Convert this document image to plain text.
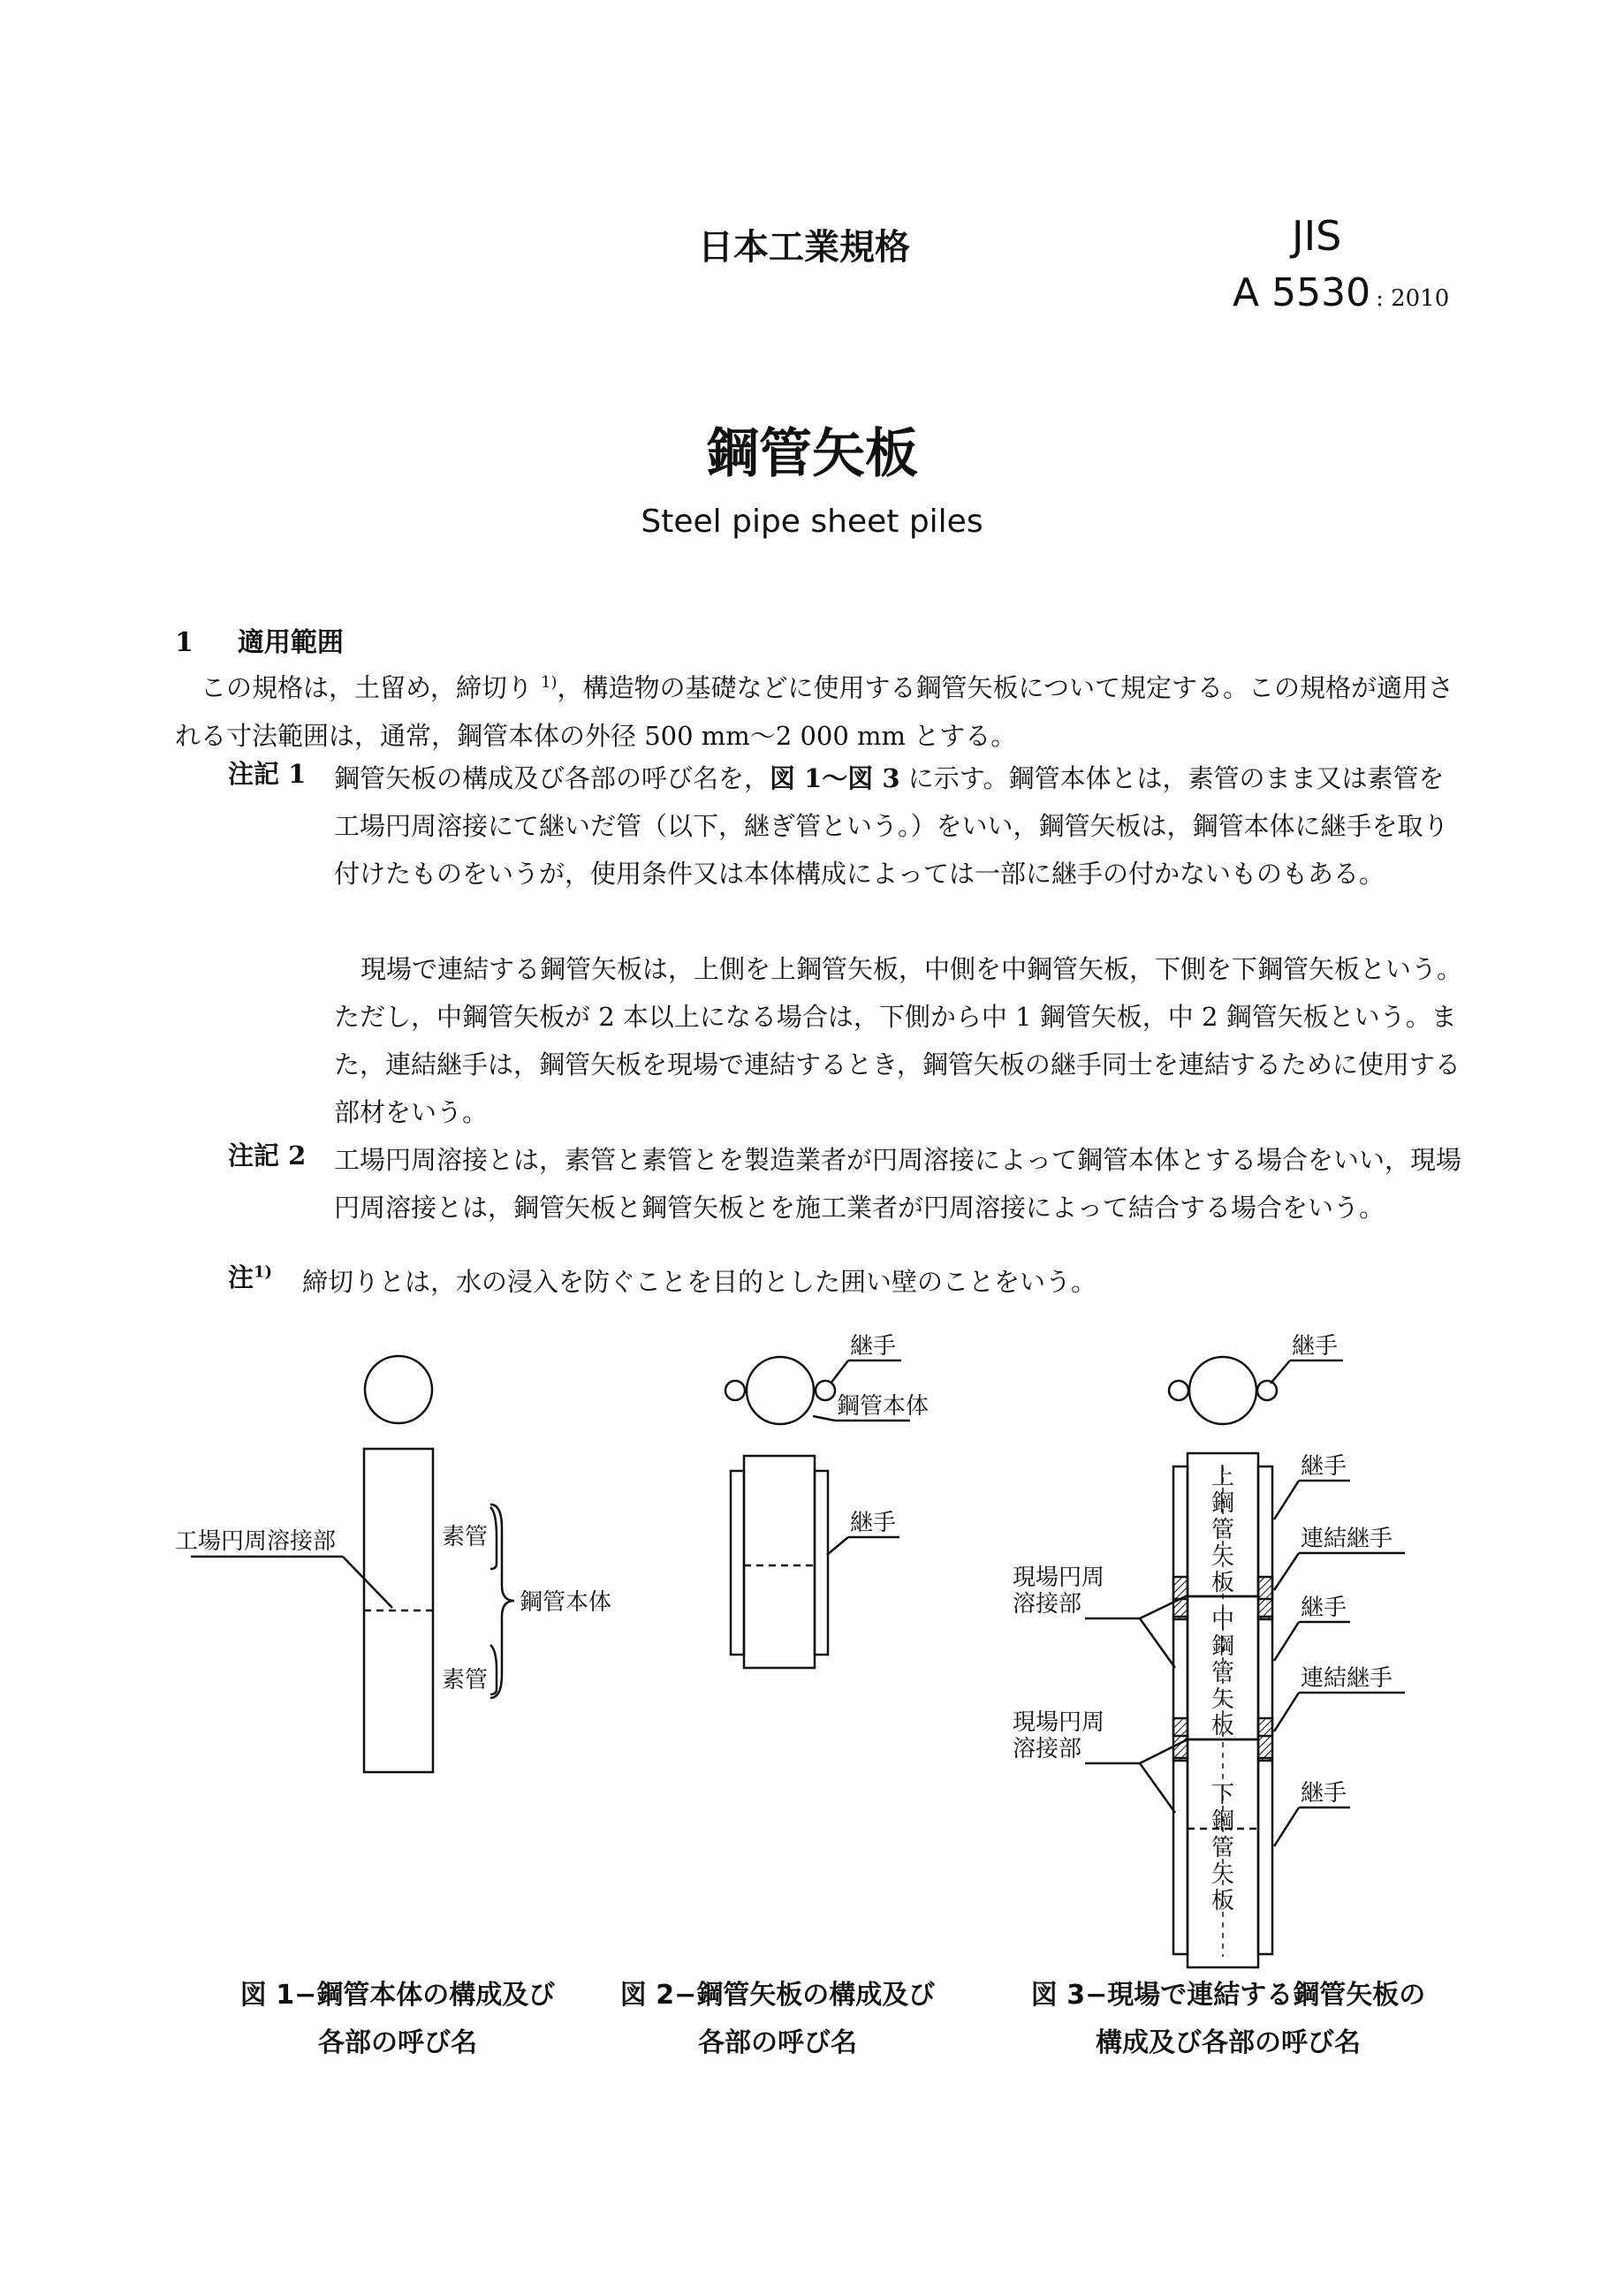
日本工業規格	JIS
A 5530 : 2010
鋼管矢板
Steel pipe sheet piles
1 適用範囲
この規格は，土留め，締切り $^{1)}$，構造物の基礎などに使用する鋼管矢板について規定する。この規格が適用される寸法範囲は，通常，鋼管本体の外径 500 mm〜2 000 mm とする。
注記 1 鋼管矢板の構成及び各部の呼び名を，図 1〜図 3 に示す。鋼管本体とは，素管のまま又は素管を工場円周溶接にて継いだ管（以下，継ぎ管という。）をいい，鋼管矢板は，鋼管本体に継手を取り付けたものをいうが，使用条件又は本体構成によっては一部に継手の付かないものもある。
現場で連結する鋼管矢板は，上側を上鋼管矢板，中側を中鋼管矢板，下側を下鋼管矢板という。ただし，中鋼管矢板が 2 本以上になる場合は，下側から中 1 鋼管矢板，中 2 鋼管矢板という。また，連結継手は，鋼管矢板を現場で連結するとき，鋼管矢板の継手同士を連結するために使用する部材をいう。
注記 2 工場円周溶接とは，素管と素管とを製造業者が円周溶接によって鋼管本体とする場合をいい，現場円周溶接とは，鋼管矢板と鋼管矢板とを施工業者が円周溶接によって結合する場合をいう。
注$^{1)}$ 締切りとは，水の浸入を防ぐことを目的とした囲い壁のことをいう。
工場円周溶接部	素管
鋼管本体
素管
継手
鋼管本体
継手
継手
継手
連結継手
継手
連結継手
継手
現場円周
溶接部
現場円周
溶接部
上
鋼
管
矢
板
中
鋼
管
矢
板
下
鋼
管
矢
板
図 1−鋼管本体の構成及び
各部の呼び名
図 2−鋼管矢板の構成及び
各部の呼び名
図 3−現場で連結する鋼管矢板の
構成及び各部の呼び名
